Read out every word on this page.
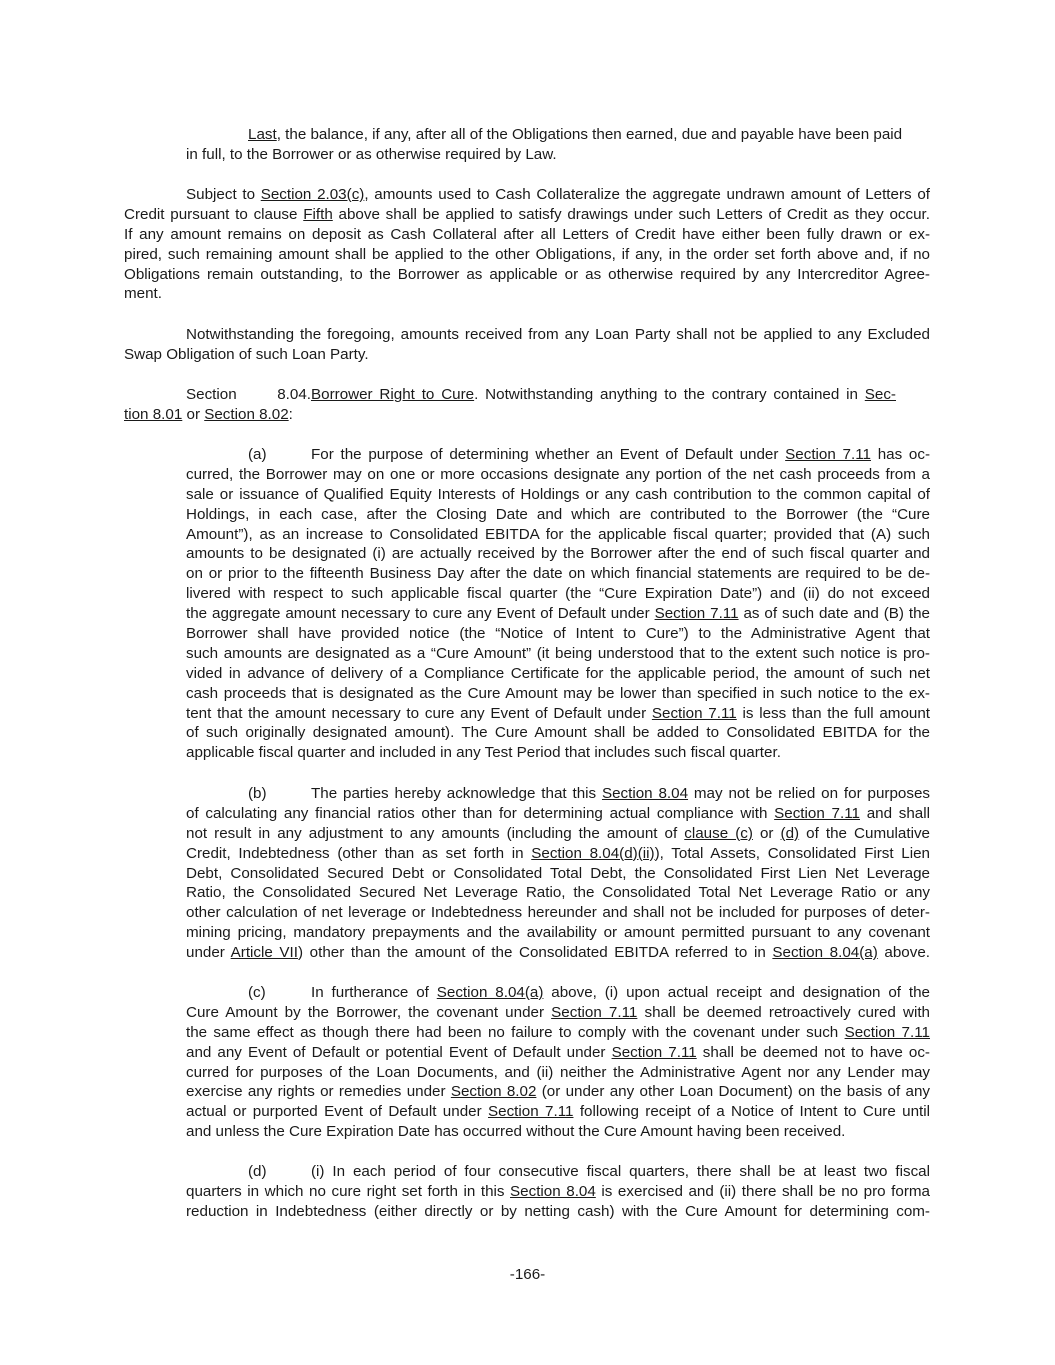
Last, the balance, if any, after all of the Obligations then earned, due and payable have been paid
in full, to the Borrower or as otherwise required by Law.
Subject to Section 2.03(c), amounts used to Cash Collateralize the aggregate undrawn amount of Letters of
Credit pursuant to clause Fifth above shall be applied to satisfy drawings under such Letters of Credit as they occur.
If any amount remains on deposit as Cash Collateral after all Letters of Credit have either been fully drawn or ex-
pired, such remaining amount shall be applied to the other Obligations, if any, in the order set forth above and, if no
Obligations remain outstanding, to the Borrower as applicable or as otherwise required by any Intercreditor Agree-
ment.
Notwithstanding the foregoing, amounts received from any Loan Party shall not be applied to any Excluded
Swap Obligation of such Loan Party.
Section 8.04.Borrower Right to Cure. Notwithstanding anything to the contrary contained in Sec-
tion 8.01 or Section 8.02:
(a)	For the purpose of determining whether an Event of Default under Section 7.11 has oc-
curred, the Borrower may on one or more occasions designate any portion of the net cash proceeds from a
sale or issuance of Qualified Equity Interests of Holdings or any cash contribution to the common capital of
Holdings, in each case, after the Closing Date and which are contributed to the Borrower (the “Cure
Amount”), as an increase to Consolidated EBITDA for the applicable fiscal quarter; provided that (A) such
amounts to be designated (i) are actually received by the Borrower after the end of such fiscal quarter and
on or prior to the fifteenth Business Day after the date on which financial statements are required to be de-
livered with respect to such applicable fiscal quarter (the “Cure Expiration Date”) and (ii) do not exceed
the aggregate amount necessary to cure any Event of Default under Section 7.11 as of such date and (B) the
Borrower shall have provided notice (the “Notice of Intent to Cure”) to the Administrative Agent that
such amounts are designated as a “Cure Amount” (it being understood that to the extent such notice is pro-
vided in advance of delivery of a Compliance Certificate for the applicable period, the amount of such net
cash proceeds that is designated as the Cure Amount may be lower than specified in such notice to the ex-
tent that the amount necessary to cure any Event of Default under Section 7.11 is less than the full amount
of such originally designated amount). The Cure Amount shall be added to Consolidated EBITDA for the
applicable fiscal quarter and included in any Test Period that includes such fiscal quarter.
(b)	The parties hereby acknowledge that this Section 8.04 may not be relied on for purposes
of calculating any financial ratios other than for determining actual compliance with Section 7.11 and shall
not result in any adjustment to any amounts (including the amount of clause (c) or (d) of the Cumulative
Credit, Indebtedness (other than as set forth in Section 8.04(d)(ii)), Total Assets, Consolidated First Lien
Debt, Consolidated Secured Debt or Consolidated Total Debt, the Consolidated First Lien Net Leverage
Ratio, the Consolidated Secured Net Leverage Ratio, the Consolidated Total Net Leverage Ratio or any
other calculation of net leverage or Indebtedness hereunder and shall not be included for purposes of deter-
mining pricing, mandatory prepayments and the availability or amount permitted pursuant to any covenant
under Article VII) other than the amount of the Consolidated EBITDA referred to in Section 8.04(a) above.
(c)	In furtherance of Section 8.04(a) above, (i) upon actual receipt and designation of the
Cure Amount by the Borrower, the covenant under Section 7.11 shall be deemed retroactively cured with
the same effect as though there had been no failure to comply with the covenant under such Section 7.11
and any Event of Default or potential Event of Default under Section 7.11 shall be deemed not to have oc-
curred for purposes of the Loan Documents, and (ii) neither the Administrative Agent nor any Lender may
exercise any rights or remedies under Section 8.02 (or under any other Loan Document) on the basis of any
actual or purported Event of Default under Section 7.11 following receipt of a Notice of Intent to Cure until
and unless the Cure Expiration Date has occurred without the Cure Amount having been received.
(d)	(i) In each period of four consecutive fiscal quarters, there shall be at least two fiscal
quarters in which no cure right set forth in this Section 8.04 is exercised and (ii) there shall be no pro forma
reduction in Indebtedness (either directly or by netting cash) with the Cure Amount for determining com-
-166-
